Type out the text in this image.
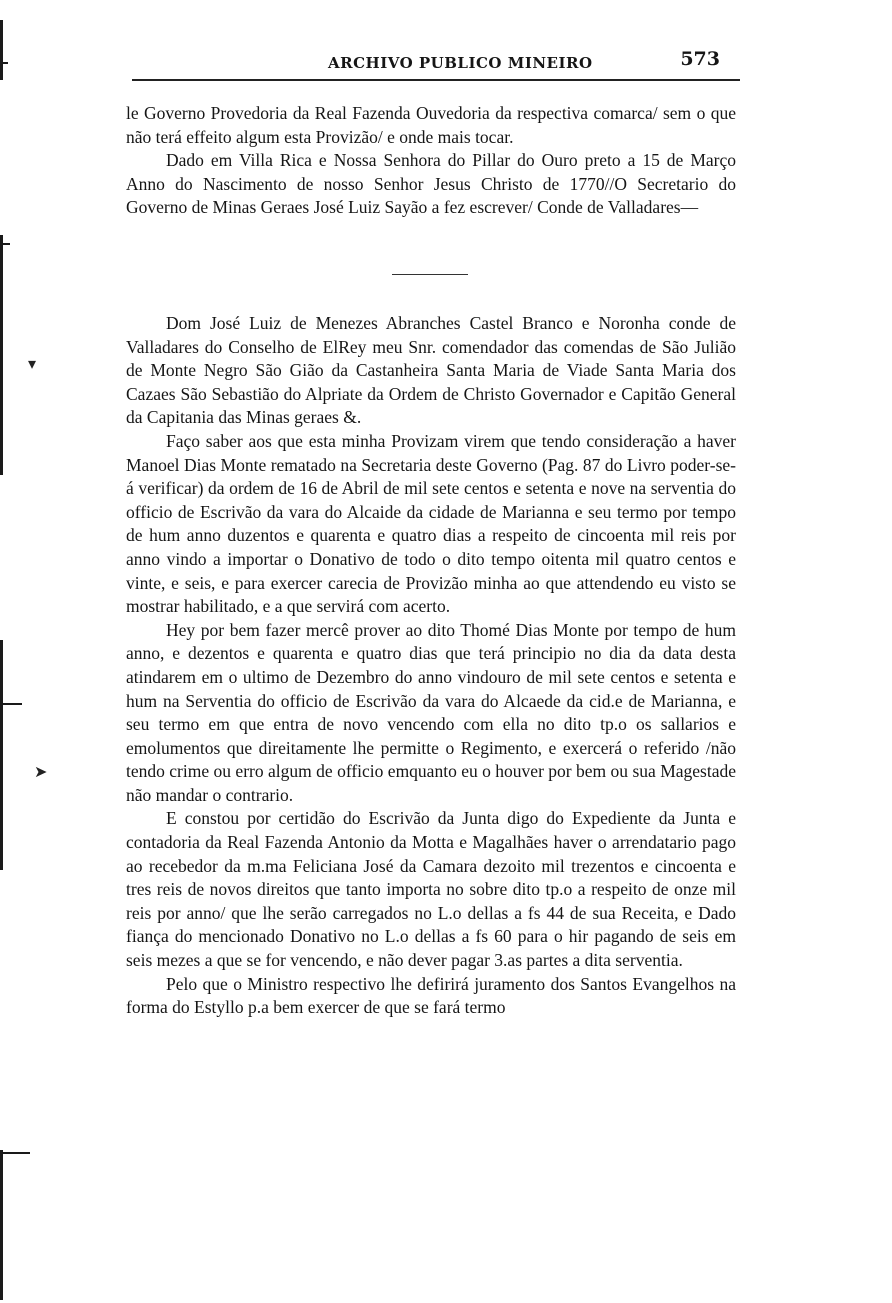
▾
➤
ARCHIVO PUBLICO MINEIRO	573

le Governo Provedoria da Real Fazenda Ouvedoria da respectiva comarca/ sem o que não terá effeito algum esta Provizão/ e onde mais tocar.

Dado em Villa Rica e Nossa Senhora do Pillar do Ouro preto a 15 de Março Anno do Nascimento de nosso Senhor Jesus Christo de 1770//O Secretario do Governo de Minas Geraes José Luiz Sayão a fez escrever/ Conde de Valladares—

Dom José Luiz de Menezes Abranches Castel Branco e Noronha conde de Valladares do Conselho de ElRey meu Snr. comendador das comendas de São Julião de Monte Negro São Gião da Castanheira Santa Maria de Viade Santa Maria dos Cazaes São Sebastião do Alpriate da Ordem de Christo Governador e Capitão General da Capitania das Minas geraes &.

Faço saber aos que esta minha Provizam virem que tendo consideração a haver Manoel Dias Monte rematado na Secretaria deste Governo (Pag. 87 do Livro poder-se-á verificar) da ordem de 16 de Abril de mil sete centos e setenta e nove na serventia do officio de Escrivão da vara do Alcaide da cidade de Marianna e seu termo por tempo de hum anno duzentos e quarenta e quatro dias a respeito de cincoenta mil reis por anno vindo a importar o Donativo de todo o dito tempo oitenta mil quatro centos e vinte, e seis, e para exercer carecia de Provizão minha ao que attendendo eu visto se mostrar habilitado, e a que servirá com acerto.

Hey por bem fazer mercê prover ao dito Thomé Dias Monte por tempo de hum anno, e dezentos e quarenta e quatro dias que terá principio no dia da data desta atindarem em o ultimo de Dezembro do anno vindouro de mil sete centos e setenta e hum na Serventia do officio de Escrivão da vara do Alcaede da cid.e de Marianna, e seu termo em que entra de novo vencendo com ella no dito tp.o os sallarios e emolumentos que direitamente lhe permitte o Regimento, e exercerá o referido /não tendo crime ou erro algum de officio emquanto eu o houver por bem ou sua Magestade não mandar o contrario.

E constou por certidão do Escrivão da Junta digo do Expediente da Junta e contadoria da Real Fazenda Antonio da Motta e Magalhães haver o arrendatario pago ao recebedor da m.ma Feliciana José da Camara dezoito mil trezentos e cincoenta e tres reis de novos direitos que tanto importa no sobre dito tp.o a respeito de onze mil reis por anno/ que lhe serão carregados no L.o dellas a fs 44 de sua Receita, e Dado fiança do mencionado Donativo no L.o dellas a fs 60 para o hir pagando de seis em seis mezes a que se for vencendo, e não dever pagar 3.as partes a dita serventia.

Pelo que o Ministro respectivo lhe defirirá juramento dos Santos Evangelhos na forma do Estyllo p.a bem exercer de que se fará termo
